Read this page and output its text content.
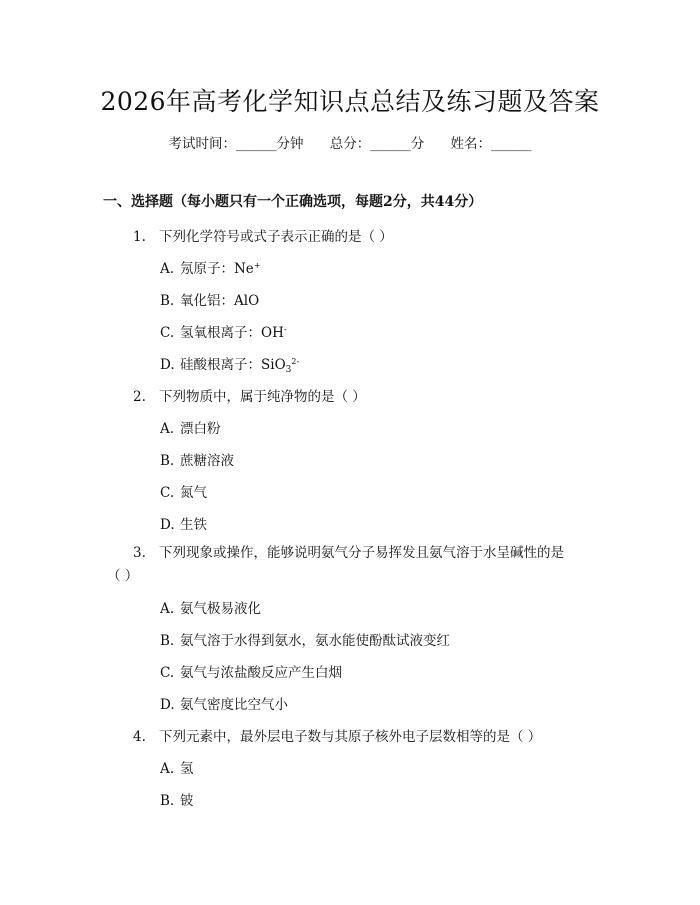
2026年高考化学知识点总结及练习题及答案
考试时间：______分钟 总分：______分 姓名：______
一、选择题（每小题只有一个正确选项，每题2分，共44分）
1. 下列化学符号或式子表示正确的是（ ）
A. 氖原子：Ne+
B. 氧化铝：AlO
C. 氢氧根离子：OH-
D. 硅酸根离子：SiO$_3^{2-}$
2. 下列物质中，属于纯净物的是（ ）
A. 漂白粉
B. 蔗糖溶液
C. 氮气
D. 生铁
3. 下列现象或操作，能够说明氨气分子易挥发且氨气溶于水呈碱性的是
（ ）
A. 氨气极易液化
B. 氨气溶于水得到氨水，氨水能使酚酞试液变红
C. 氨气与浓盐酸反应产生白烟
D. 氨气密度比空气小
4. 下列元素中，最外层电子数与其原子核外电子层数相等的是（ ）
A. 氢
B. 铍
